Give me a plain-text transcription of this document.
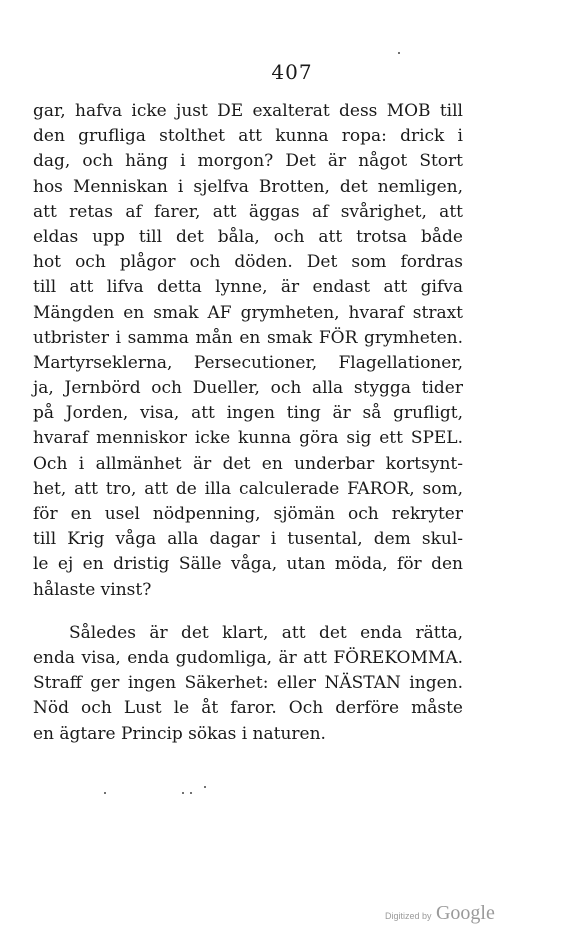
407
gar, hafva icke just DE exalterat dess MOB till
den grufliga stolthet att kunna ropa: drick i
dag, och häng i morgon? Det är något Stort
hos Menniskan i sjelfva Brotten, det nemligen,
att retas af farer, att äggas af svårighet, att
eldas upp till det båla, och att trotsa både
hot och plågor och döden. Det som fordras
till att lifva detta lynne, är endast att gifva
Mängden en smak AF grymheten, hvaraf straxt
utbrister i samma mån en smak FÖR grymheten.
Martyrseklerna, Persecutioner, Flagellationer,
ja, Jernbörd och Dueller, och alla stygga tider
på Jorden, visa, att ingen ting är så grufligt,
hvaraf menniskor icke kunna göra sig ett SPEL.
Och i allmänhet är det en underbar kortsynt-
het, att tro, att de illa calculerade FAROR, som,
för en usel nödpenning, sjömän och rekryter
till Krig våga alla dagar i tusental, dem skul-
le ej en dristig Sälle våga, utan möda, för den
hålaste vinst?
Således är det klart, att det enda rätta,
enda visa, enda gudomliga, är att FÖREKOMMA.
Straff ger ingen Säkerhet: eller NÄSTAN ingen.
Nöd och Lust le åt faror. Och derföre måste
en ägtare Princip sökas i naturen.
Digitized by Google
